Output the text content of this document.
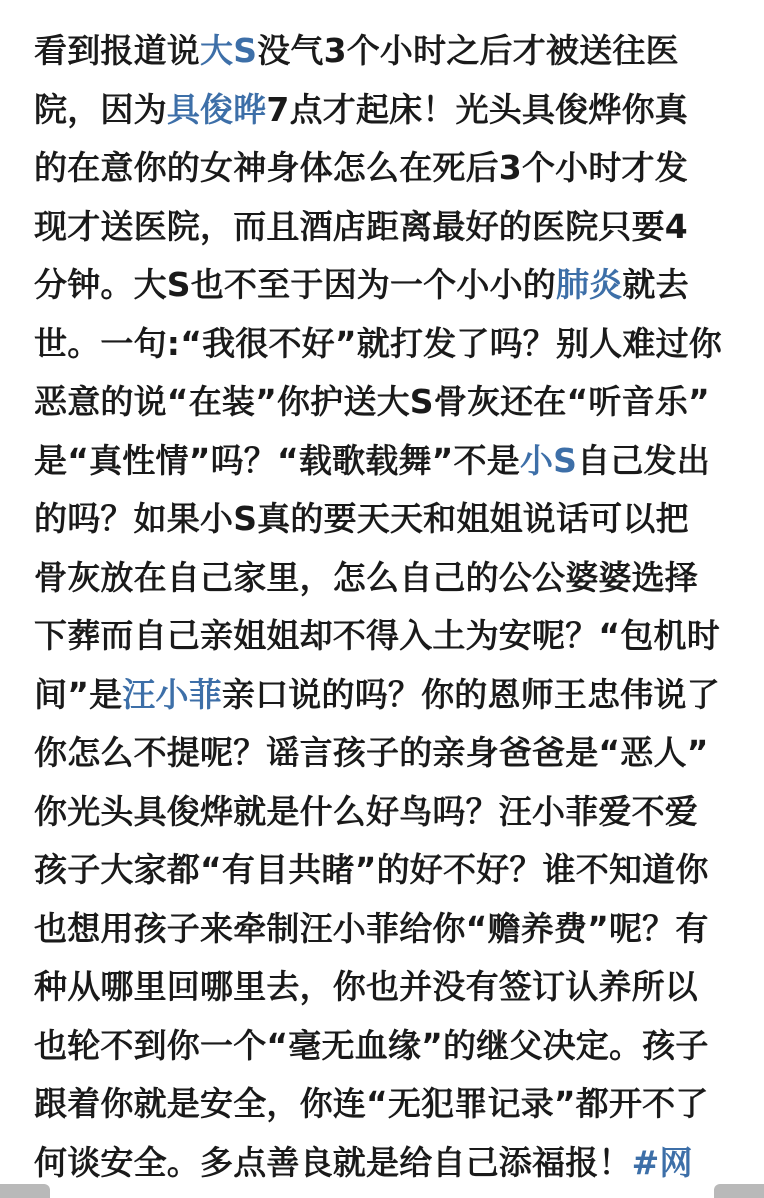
看到报道说大S没气3个小时之后才被送往医
院，因为具俊晔7点才起床！光头具俊烨你真
的在意你的女神身体怎么在死后3个小时才发
现才送医院，而且酒店距离最好的医院只要4
分钟。大S也不至于因为一个小小的肺炎就去
世。一句:“我很不好”就打发了吗？别人难过你
恶意的说“在装”你护送大S骨灰还在“听音乐”
是“真性情”吗？“载歌载舞”不是小S自己发出
的吗？如果小S真的要天天和姐姐说话可以把
骨灰放在自己家里，怎么自己的公公婆婆选择
下葬而自己亲姐姐却不得入土为安呢？“包机时
间”是汪小菲亲口说的吗？你的恩师王忠伟说了
你怎么不提呢？谣言孩子的亲身爸爸是“恶人”
你光头具俊烨就是什么好鸟吗？汪小菲爱不爱
孩子大家都“有目共睹”的好不好？谁不知道你
也想用孩子来牵制汪小菲给你“赡养费”呢？有
种从哪里回哪里去，你也并没有签订认养所以
也轮不到你一个“毫无血缘”的继父决定。孩子
跟着你就是安全，你连“无犯罪记录”都开不了
何谈安全。多点善良就是给自己添福报！#网
